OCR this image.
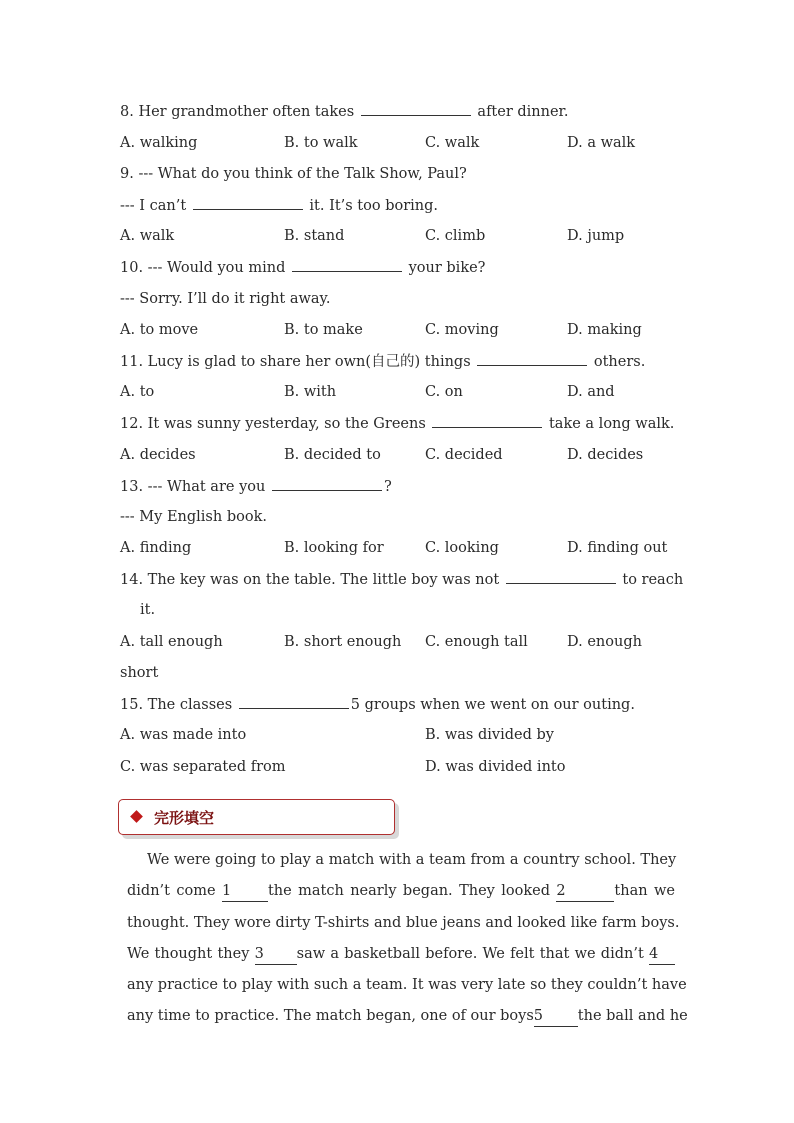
8. Her grandmother often takes	after dinner.
A. walking	B. to walk	C. walk	D. a walk
9. --- What do you think of the Talk Show, Paul?
--- I can’t	it. It’s too boring.
A. walk	B. stand	C. climb	D. jump
10. --- Would you mind	your bike?
--- Sorry. I’ll do it right away.
A. to move	B. to make	C. moving	D. making
11. Lucy is glad to share her own(自己的) things	others.
A. to	B. with	C. on	D. and
12. It was sunny yesterday, so the Greens	take a long walk.
A. decides	B. decided to	C. decided	D. decides
13. --- What are you	?
--- My English book.
A. finding	B. looking for	C. looking	D. finding out
14. The key was on the table. The little boy was not	to reach
it.
A. tall enough	B. short enough C. enough tall	D. enough
short
15. The classes	5 groups when we went on our outing.
A. was made into	B. was divided by
C. was separated from	D. was divided into
完形填空
We were going to play a match with a team from a country school. They
didn’t come 1	the match nearly began. They looked 2	than we
thought. They wore dirty T-shirts and blue jeans and looked like farm boys.
We thought they 3 saw a basketball before. We felt that we didn’t 4
any practice to play with such a team. It was very late so they couldn’t have
any time to practice. The match began, one of our boys5 the ball and he
